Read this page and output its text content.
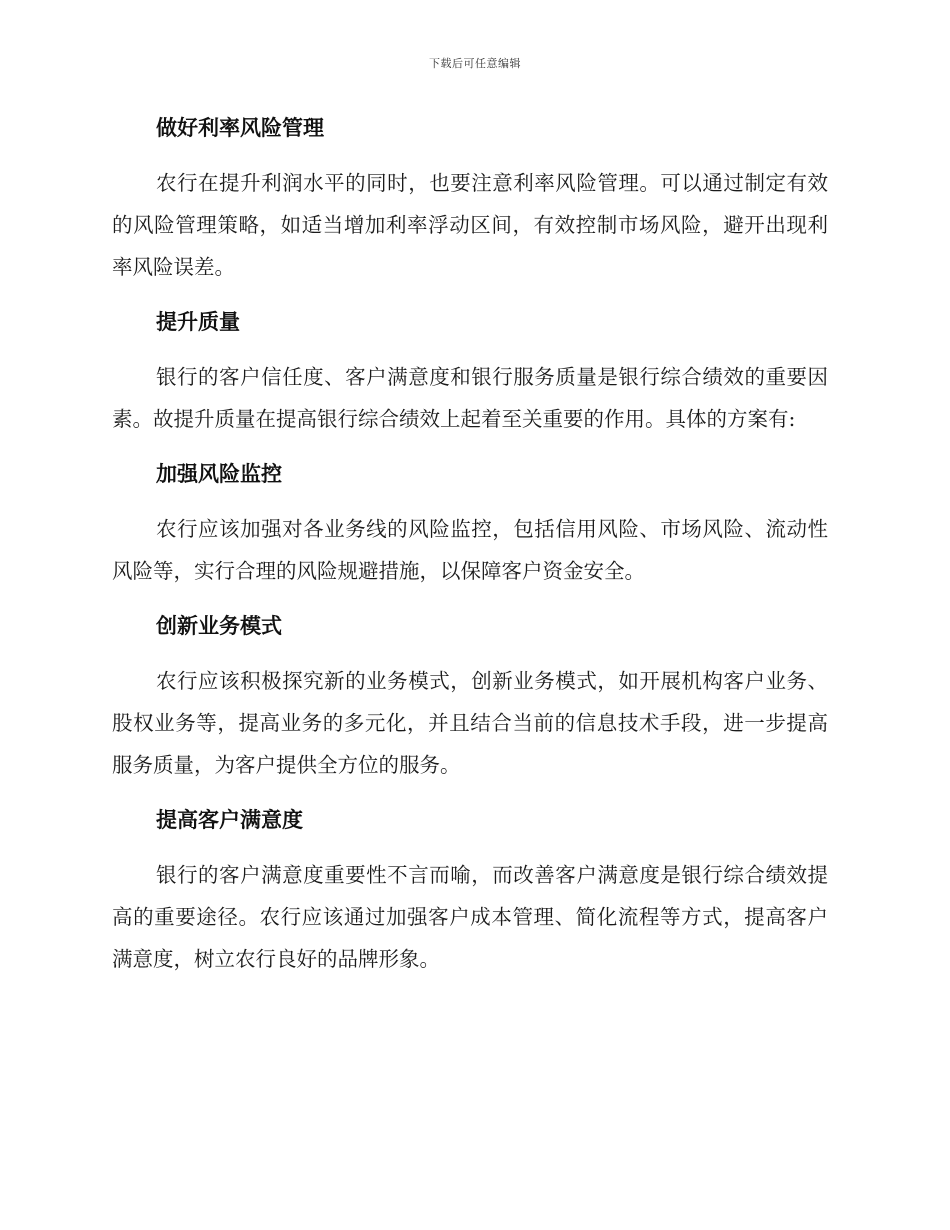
下载后可任意编辑
做好利率风险管理

农行在提升利润水平的同时，也要注意利率风险管理。可以通过制定有效的风险管理策略，如适当增加利率浮动区间，有效控制市场风险，避开出现利率风险误差。

提升质量

银行的客户信任度、客户满意度和银行服务质量是银行综合绩效的重要因素。故提升质量在提高银行综合绩效上起着至关重要的作用。具体的方案有:

加强风险监控

农行应该加强对各业务线的风险监控，包括信用风险、市场风险、流动性风险等，实行合理的风险规避措施，以保障客户资金安全。

创新业务模式

农行应该积极探究新的业务模式，创新业务模式，如开展机构客户业务、股权业务等，提高业务的多元化，并且结合当前的信息技术手段，进一步提高服务质量，为客户提供全方位的服务。

提高客户满意度

银行的客户满意度重要性不言而喻，而改善客户满意度是银行综合绩效提高的重要途径。农行应该通过加强客户成本管理、简化流程等方式，提高客户满意度，树立农行良好的品牌形象。
